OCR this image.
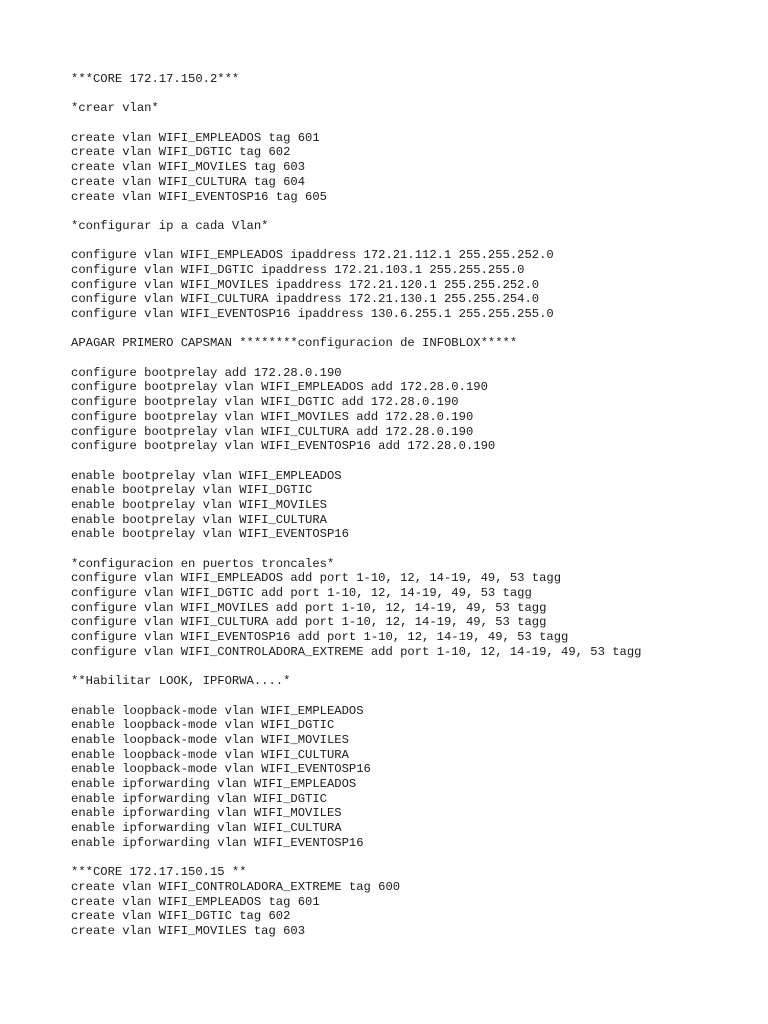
***CORE 172.17.150.2***
*crear vlan*
create vlan WIFI_EMPLEADOS tag 601
create vlan WIFI_DGTIC tag 602
create vlan WIFI_MOVILES tag 603
create vlan WIFI_CULTURA tag 604
create vlan WIFI_EVENTOSP16 tag 605
*configurar ip a cada Vlan*
configure vlan WIFI_EMPLEADOS ipaddress 172.21.112.1 255.255.252.0
configure vlan WIFI_DGTIC ipaddress 172.21.103.1 255.255.255.0
configure vlan WIFI_MOVILES ipaddress 172.21.120.1 255.255.252.0
configure vlan WIFI_CULTURA ipaddress 172.21.130.1 255.255.254.0
configure vlan WIFI_EVENTOSP16 ipaddress 130.6.255.1 255.255.255.0
APAGAR PRIMERO CAPSMAN ********configuracion de INFOBLOX*****
configure bootprelay add 172.28.0.190
configure bootprelay vlan WIFI_EMPLEADOS add 172.28.0.190
configure bootprelay vlan WIFI_DGTIC add 172.28.0.190
configure bootprelay vlan WIFI_MOVILES add 172.28.0.190
configure bootprelay vlan WIFI_CULTURA add 172.28.0.190
configure bootprelay vlan WIFI_EVENTOSP16 add 172.28.0.190
enable bootprelay vlan WIFI_EMPLEADOS
enable bootprelay vlan WIFI_DGTIC
enable bootprelay vlan WIFI_MOVILES
enable bootprelay vlan WIFI_CULTURA
enable bootprelay vlan WIFI_EVENTOSP16
*configuracion en puertos troncales*
configure vlan WIFI_EMPLEADOS add port 1-10, 12, 14-19, 49, 53 tagg
configure vlan WIFI_DGTIC add port 1-10, 12, 14-19, 49, 53 tagg
configure vlan WIFI_MOVILES add port 1-10, 12, 14-19, 49, 53 tagg
configure vlan WIFI_CULTURA add port 1-10, 12, 14-19, 49, 53 tagg
configure vlan WIFI_EVENTOSP16 add port 1-10, 12, 14-19, 49, 53 tagg
configure vlan WIFI_CONTROLADORA_EXTREME add port 1-10, 12, 14-19, 49, 53 tagg
**Habilitar LOOK, IPFORWA....*
enable loopback-mode vlan WIFI_EMPLEADOS
enable loopback-mode vlan WIFI_DGTIC
enable loopback-mode vlan WIFI_MOVILES
enable loopback-mode vlan WIFI_CULTURA
enable loopback-mode vlan WIFI_EVENTOSP16
enable ipforwarding vlan WIFI_EMPLEADOS
enable ipforwarding vlan WIFI_DGTIC
enable ipforwarding vlan WIFI_MOVILES
enable ipforwarding vlan WIFI_CULTURA
enable ipforwarding vlan WIFI_EVENTOSP16
***CORE 172.17.150.15 **
create vlan WIFI_CONTROLADORA_EXTREME tag 600
create vlan WIFI_EMPLEADOS tag 601
create vlan WIFI_DGTIC tag 602
create vlan WIFI_MOVILES tag 603
